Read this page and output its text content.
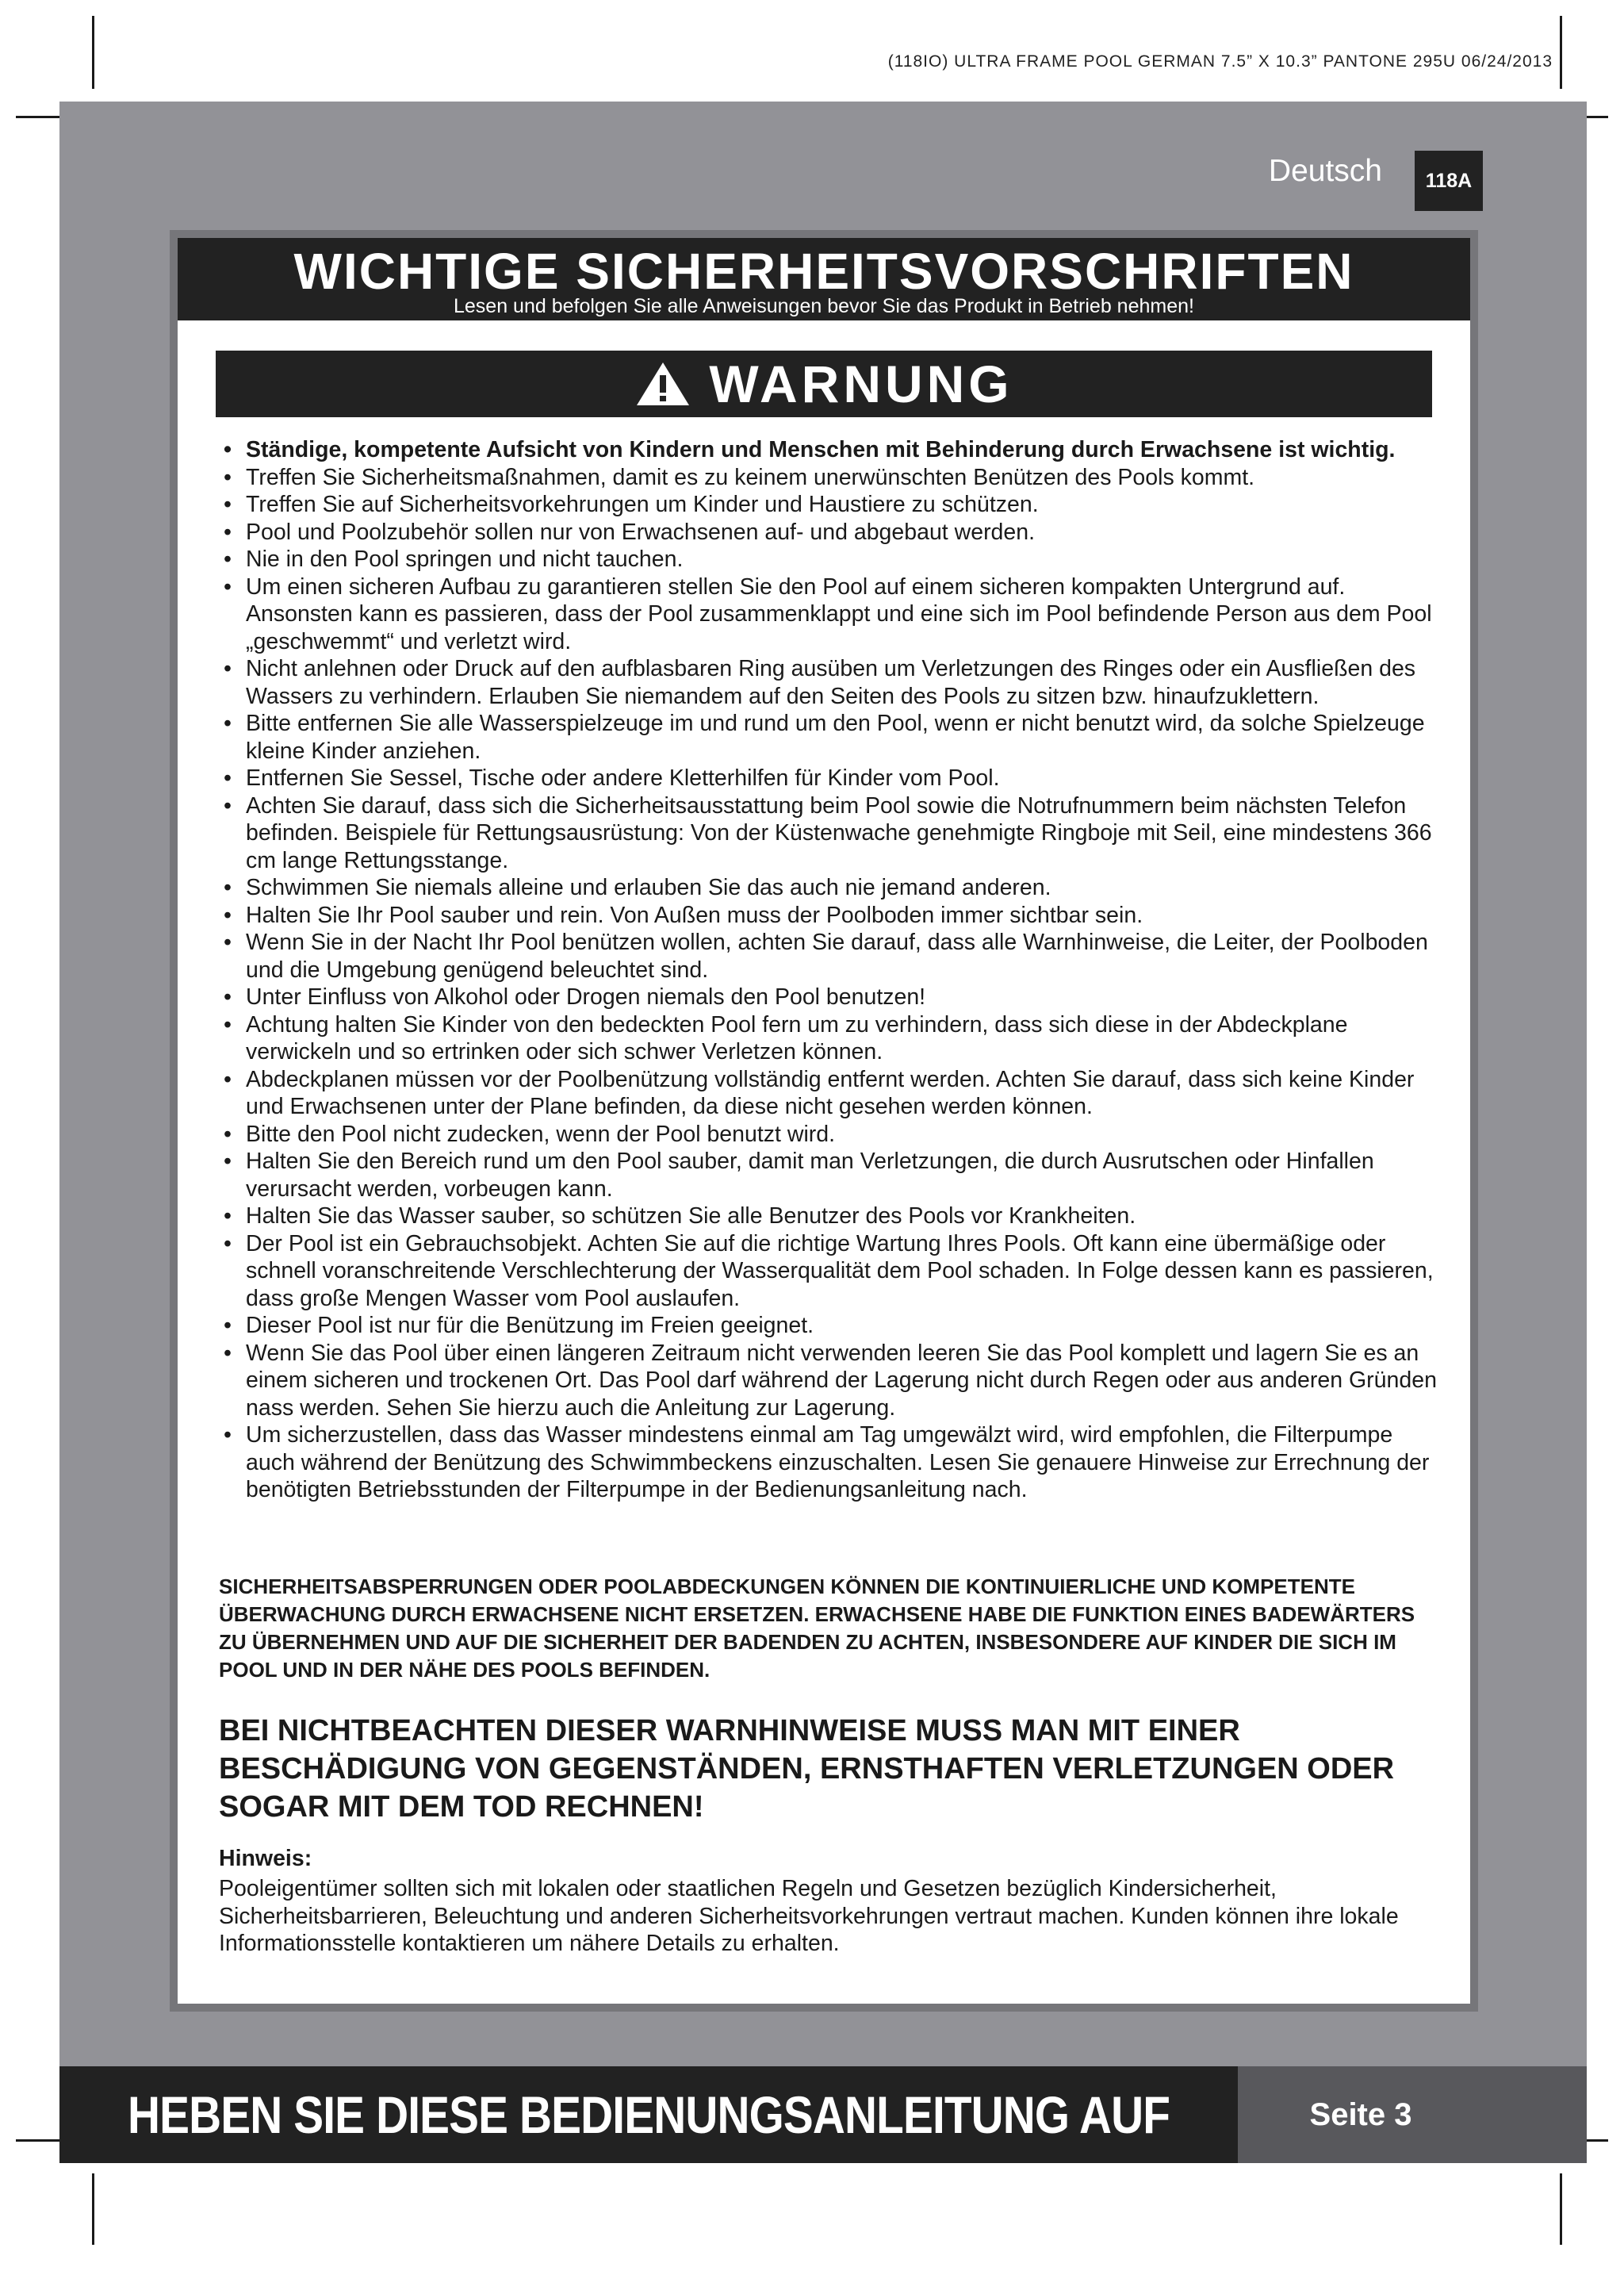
(118IO) ULTRA FRAME POOL GERMAN 7.5” X 10.3” PANTONE 295U 06/24/2013
Deutsch	118A
WICHTIGE SICHERHEITSVORSCHRIFTEN
Lesen und befolgen Sie alle Anweisungen bevor Sie das Produkt in Betrieb nehmen!
WARNUNG
• Ständige, kompetente Aufsicht von Kindern und Menschen mit Behinderung durch Erwachsene ist wichtig.
• Treffen Sie Sicherheitsmaßnahmen, damit es zu keinem unerwünschten Benützen des Pools kommt.
• Treffen Sie auf Sicherheitsvorkehrungen um Kinder und Haustiere zu schützen.
• Pool und Poolzubehör sollen nur von Erwachsenen auf- und abgebaut werden.
• Nie in den Pool springen und nicht tauchen.
• Um einen sicheren Aufbau zu garantieren stellen Sie den Pool auf einem sicheren kompakten Untergrund auf. Ansonsten kann es passieren, dass der Pool zusammenklappt und eine sich im Pool befindende Person aus dem Pool „geschwemmt“ und verletzt wird.
• Nicht anlehnen oder Druck auf den aufblasbaren Ring ausüben um Verletzungen des Ringes oder ein Ausfließen des Wassers zu verhindern. Erlauben Sie niemandem auf den Seiten des Pools zu sitzen bzw. hinaufzuklettern.
• Bitte entfernen Sie alle Wasserspielzeuge im und rund um den Pool, wenn er nicht benutzt wird, da solche Spielzeuge kleine Kinder anziehen.
• Entfernen Sie Sessel, Tische oder andere Kletterhilfen für Kinder vom Pool.
• Achten Sie darauf, dass sich die Sicherheitsausstattung beim Pool sowie die Notrufnummern beim nächsten Telefon befinden. Beispiele für Rettungsausrüstung: Von der Küstenwache genehmigte Ringboje mit Seil, eine mindestens 366 cm lange Rettungsstange.
• Schwimmen Sie niemals alleine und erlauben Sie das auch nie jemand anderen.
• Halten Sie Ihr Pool sauber und rein. Von Außen muss der Poolboden immer sichtbar sein.
• Wenn Sie in der Nacht Ihr Pool benützen wollen, achten Sie darauf, dass alle Warnhinweise, die Leiter, der Poolboden und die Umgebung genügend beleuchtet sind.
• Unter Einfluss von Alkohol oder Drogen niemals den Pool benutzen!
• Achtung halten Sie Kinder von den bedeckten Pool fern um zu verhindern, dass sich diese in der Abdeckplane verwickeln und so ertrinken oder sich schwer Verletzen können.
• Abdeckplanen müssen vor der Poolbenützung vollständig entfernt werden. Achten Sie darauf, dass sich keine Kinder und Erwachsenen unter der Plane befinden, da diese nicht gesehen werden können.
• Bitte den Pool nicht zudecken, wenn der Pool benutzt wird.
• Halten Sie den Bereich rund um den Pool sauber, damit man Verletzungen, die durch Ausrutschen oder Hinfallen verursacht werden, vorbeugen kann.
• Halten Sie das Wasser sauber, so schützen Sie alle Benutzer des Pools vor Krankheiten.
• Der Pool ist ein Gebrauchsobjekt. Achten Sie auf die richtige Wartung Ihres Pools. Oft kann eine übermäßige oder schnell voranschreitende Verschlechterung der Wasserqualität dem Pool schaden. In Folge dessen kann es passieren, dass große Mengen Wasser vom Pool auslaufen.
• Dieser Pool ist nur für die Benützung im Freien geeignet.
• Wenn Sie das Pool über einen längeren Zeitraum nicht verwenden leeren Sie das Pool komplett und lagern Sie es an einem sicheren und trockenen Ort. Das Pool darf während der Lagerung nicht durch Regen oder aus anderen Gründen nass werden. Sehen Sie hierzu auch die Anleitung zur Lagerung.
• Um sicherzustellen, dass das Wasser mindestens einmal am Tag umgewälzt wird, wird empfohlen, die Filterpumpe auch während der Benützung des Schwimmbeckens einzuschalten. Lesen Sie genauere Hinweise zur Errechnung der benötigten Betriebsstunden der Filterpumpe in der Bedienungsanleitung nach.

SICHERHEITSABSPERRUNGEN ODER POOLABDECKUNGEN KÖNNEN DIE KONTINUIERLICHE UND KOMPETENTE ÜBERWACHUNG DURCH ERWACHSENE NICHT ERSETZEN. ERWACHSENE HABE DIE FUNKTION EINES BADEWÄRTERS ZU ÜBERNEHMEN UND AUF DIE SICHERHEIT DER BADENDEN ZU ACHTEN, INSBESONDERE AUF KINDER DIE SICH IM POOL UND IN DER NÄHE DES POOLS BEFINDEN.

BEI NICHTBEACHTEN DIESER WARNHINWEISE MUSS MAN MIT EINER BESCHÄDIGUNG VON GEGENSTÄNDEN, ERNSTHAFTEN VERLETZUNGEN ODER SOGAR MIT DEM TOD RECHNEN!

Hinweis:

Pooleigentümer sollten sich mit lokalen oder staatlichen Regeln und Gesetzen bezüglich Kindersicherheit, Sicherheitsbarrieren, Beleuchtung und anderen Sicherheitsvorkehrungen vertraut machen. Kunden können ihre lokale Informationsstelle kontaktieren um nähere Details zu erhalten.

HEBEN SIE DIESE BEDIENUNGSANLEITUNG AUF	Seite 3
